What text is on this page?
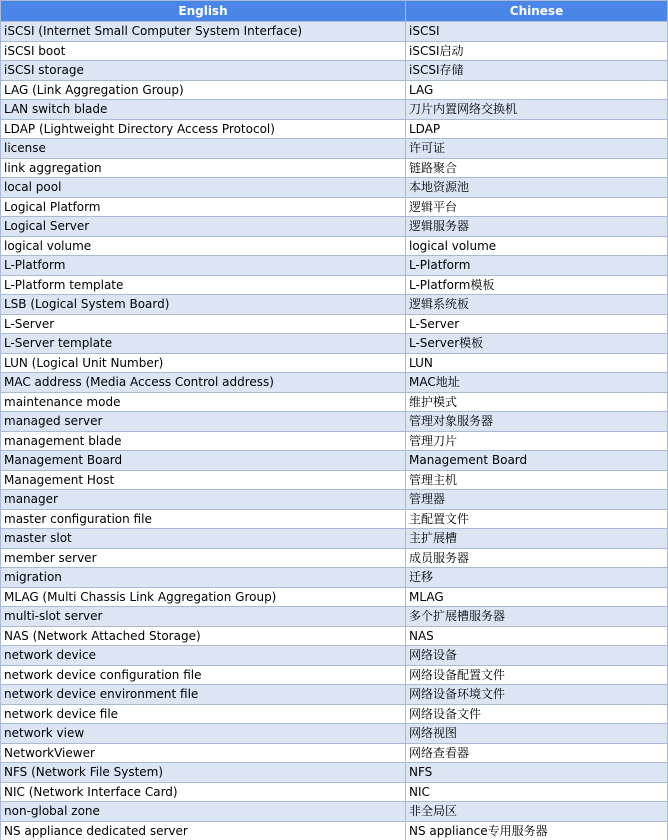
English	Chinese
iSCSI (Internet Small Computer System Interface)	iSCSI
iSCSI boot	iSCSI启动
iSCSI storage	iSCSI存储
LAG (Link Aggregation Group)	LAG
LAN switch blade	刀片内置网络交换机
LDAP (Lightweight Directory Access Protocol)	LDAP
license	许可证
link aggregation	链路聚合
local pool	本地资源池
Logical Platform	逻辑平台
Logical Server	逻辑服务器
logical volume	logical volume
L-Platform	L-Platform
L-Platform template	L-Platform模板
LSB (Logical System Board)	逻辑系统板
L-Server	L-Server
L-Server template	L-Server模板
LUN (Logical Unit Number)	LUN
MAC address (Media Access Control address)	MAC地址
maintenance mode	维护模式
managed server	管理对象服务器
management blade	管理刀片
Management Board	Management Board
Management Host	管理主机
manager	管理器
master configuration file	主配置文件
master slot	主扩展槽
member server	成员服务器
migration	迁移
MLAG (Multi Chassis Link Aggregation Group)	MLAG
multi-slot server	多个扩展槽服务器
NAS (Network Attached Storage)	NAS
network device	网络设备
network device configuration file	网络设备配置文件
network device environment file	网络设备环境文件
network device file	网络设备文件
network view	网络视图
NetworkViewer	网络查看器
NFS (Network File System)	NFS
NIC (Network Interface Card)	NIC
non-global zone	非全局区
NS appliance dedicated server	NS appliance专用服务器
